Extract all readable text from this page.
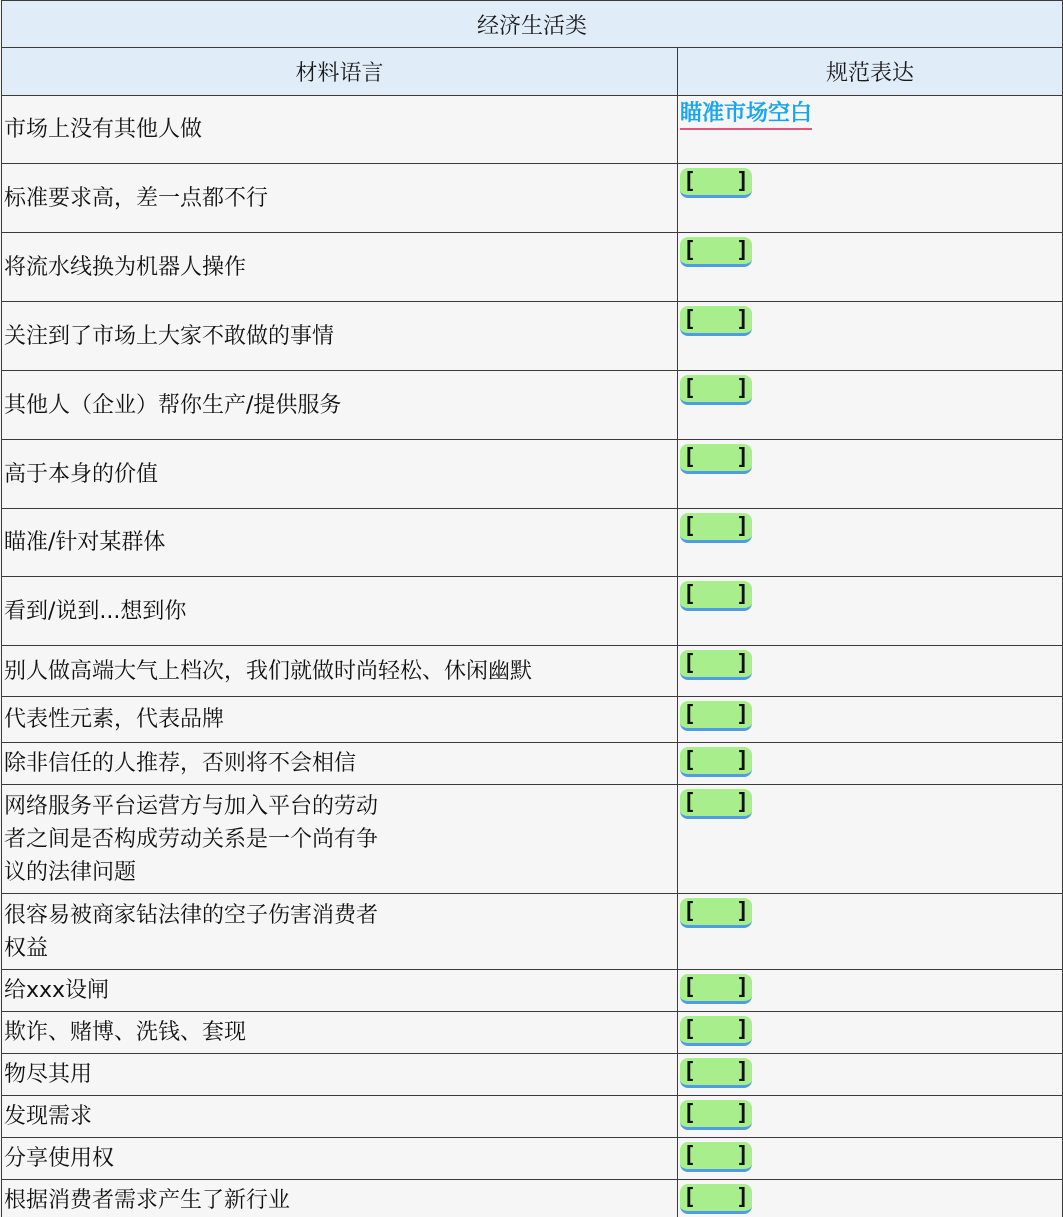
经济生活类	
材料语言	规范表达

市场上没有其他人做	瞄准市场空白

标准要求高，差一点都不行	[   ]

将流水线换为机器人操作	[   ]

关注到了市场上大家不敢做的事情	[   ]

其他人（企业）帮你生产/提供服务	[   ]

高于本身的价值	[   ]

瞄准/针对某群体	[   ]

看到/说到...想到你	[   ]

别人做高端大气上档次，我们就做时尚轻松、休闲幽默	[   ]

代表性元素，代表品牌	[   ]

除非信任的人推荐，否则将不会相信	[   ]

网络服务平台运营方与加入平台的劳动
者之间是否构成劳动关系是一个尚有争
议的法律问题	[   ]

很容易被商家钻法律的空子伤害消费者
权益	[   ]

给xxx设闸	[   ]

欺诈、赌博、洗钱、套现	[   ]

物尽其用	[   ]

发现需求	[   ]

分享使用权	[   ]

根据消费者需求产生了新行业	[   ]
